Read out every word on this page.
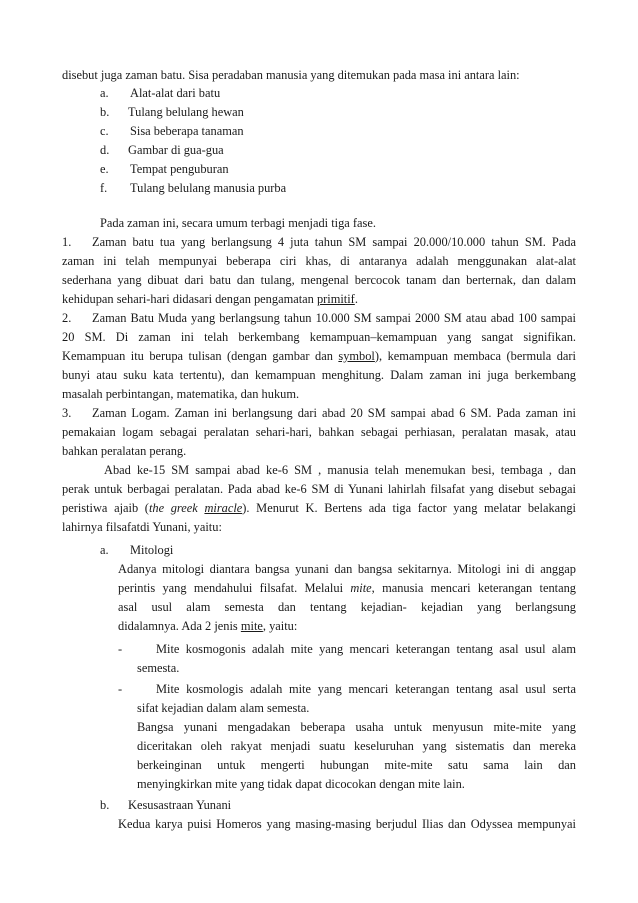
disebut juga zaman batu. Sisa peradaban manusia yang ditemukan pada masa ini antara lain:
a. Alat-alat dari batu
b. Tulang belulang hewan
c. Sisa beberapa tanaman
d. Gambar di gua-gua
e. Tempat penguburan
f. Tulang belulang manusia purba
Pada zaman ini, secara umum terbagi menjadi tiga fase.
1. Zaman batu tua yang berlangsung 4 juta tahun SM sampai 20.000/10.000 tahun SM. Pada
zaman ini telah mempunyai beberapa ciri khas, di antaranya adalah menggunakan alat-alat
sederhana yang dibuat dari batu dan tulang, mengenal bercocok tanam dan berternak, dan dalam
kehidupan sehari-hari didasari dengan pengamatan primitif.
2. Zaman Batu Muda yang berlangsung tahun 10.000 SM sampai 2000 SM atau abad 100 sampai
20 SM. Di zaman ini telah berkembang kemampuan–kemampuan yang sangat signifikan.
Kemampuan itu berupa tulisan (dengan gambar dan symbol), kemampuan membaca (bermula dari
bunyi atau suku kata tertentu), dan kemampuan menghitung. Dalam zaman ini juga berkembang
masalah perbintangan, matematika, dan hukum.
3. Zaman Logam. Zaman ini berlangsung dari abad 20 SM sampai abad 6 SM. Pada zaman ini
pemakaian logam sebagai peralatan sehari-hari, bahkan sebagai perhiasan, peralatan masak, atau
bahkan peralatan perang.
Abad ke-15 SM sampai abad ke-6 SM , manusia telah menemukan besi, tembaga , dan
perak untuk berbagai peralatan. Pada abad ke-6 SM di Yunani lahirlah filsafat yang disebut sebagai
peristiwa ajaib (the greek miracle). Menurut K. Bertens ada tiga factor yang melatar belakangi
lahirnya filsafatdi Yunani, yaitu:
a. Mitologi
Adanya mitologi diantara bangsa yunani dan bangsa sekitarnya. Mitologi ini di anggap
perintis yang mendahului filsafat. Melalui mite, manusia mencari keterangan tentang
asal usul alam semesta dan tentang kejadian- kejadian yang berlangsung
didalamnya. Ada 2 jenis mite, yaitu:
-	Mite kosmogonis adalah mite yang mencari keterangan tentang asal usul alam
semesta.
-	Mite kosmologis adalah mite yang mencari keterangan tentang asal usul serta
sifat kejadian dalam alam semesta.
Bangsa yunani mengadakan beberapa usaha untuk menyusun mite-mite yang
diceritakan oleh rakyat menjadi suatu keseluruhan yang sistematis dan mereka
berkeinginan untuk mengerti hubungan mite-mite satu sama lain dan
menyingkirkan mite yang tidak dapat dicocokan dengan mite lain.
b. Kesusastraan Yunani
Kedua karya puisi Homeros yang masing-masing berjudul Ilias dan Odyssea mempunyai
